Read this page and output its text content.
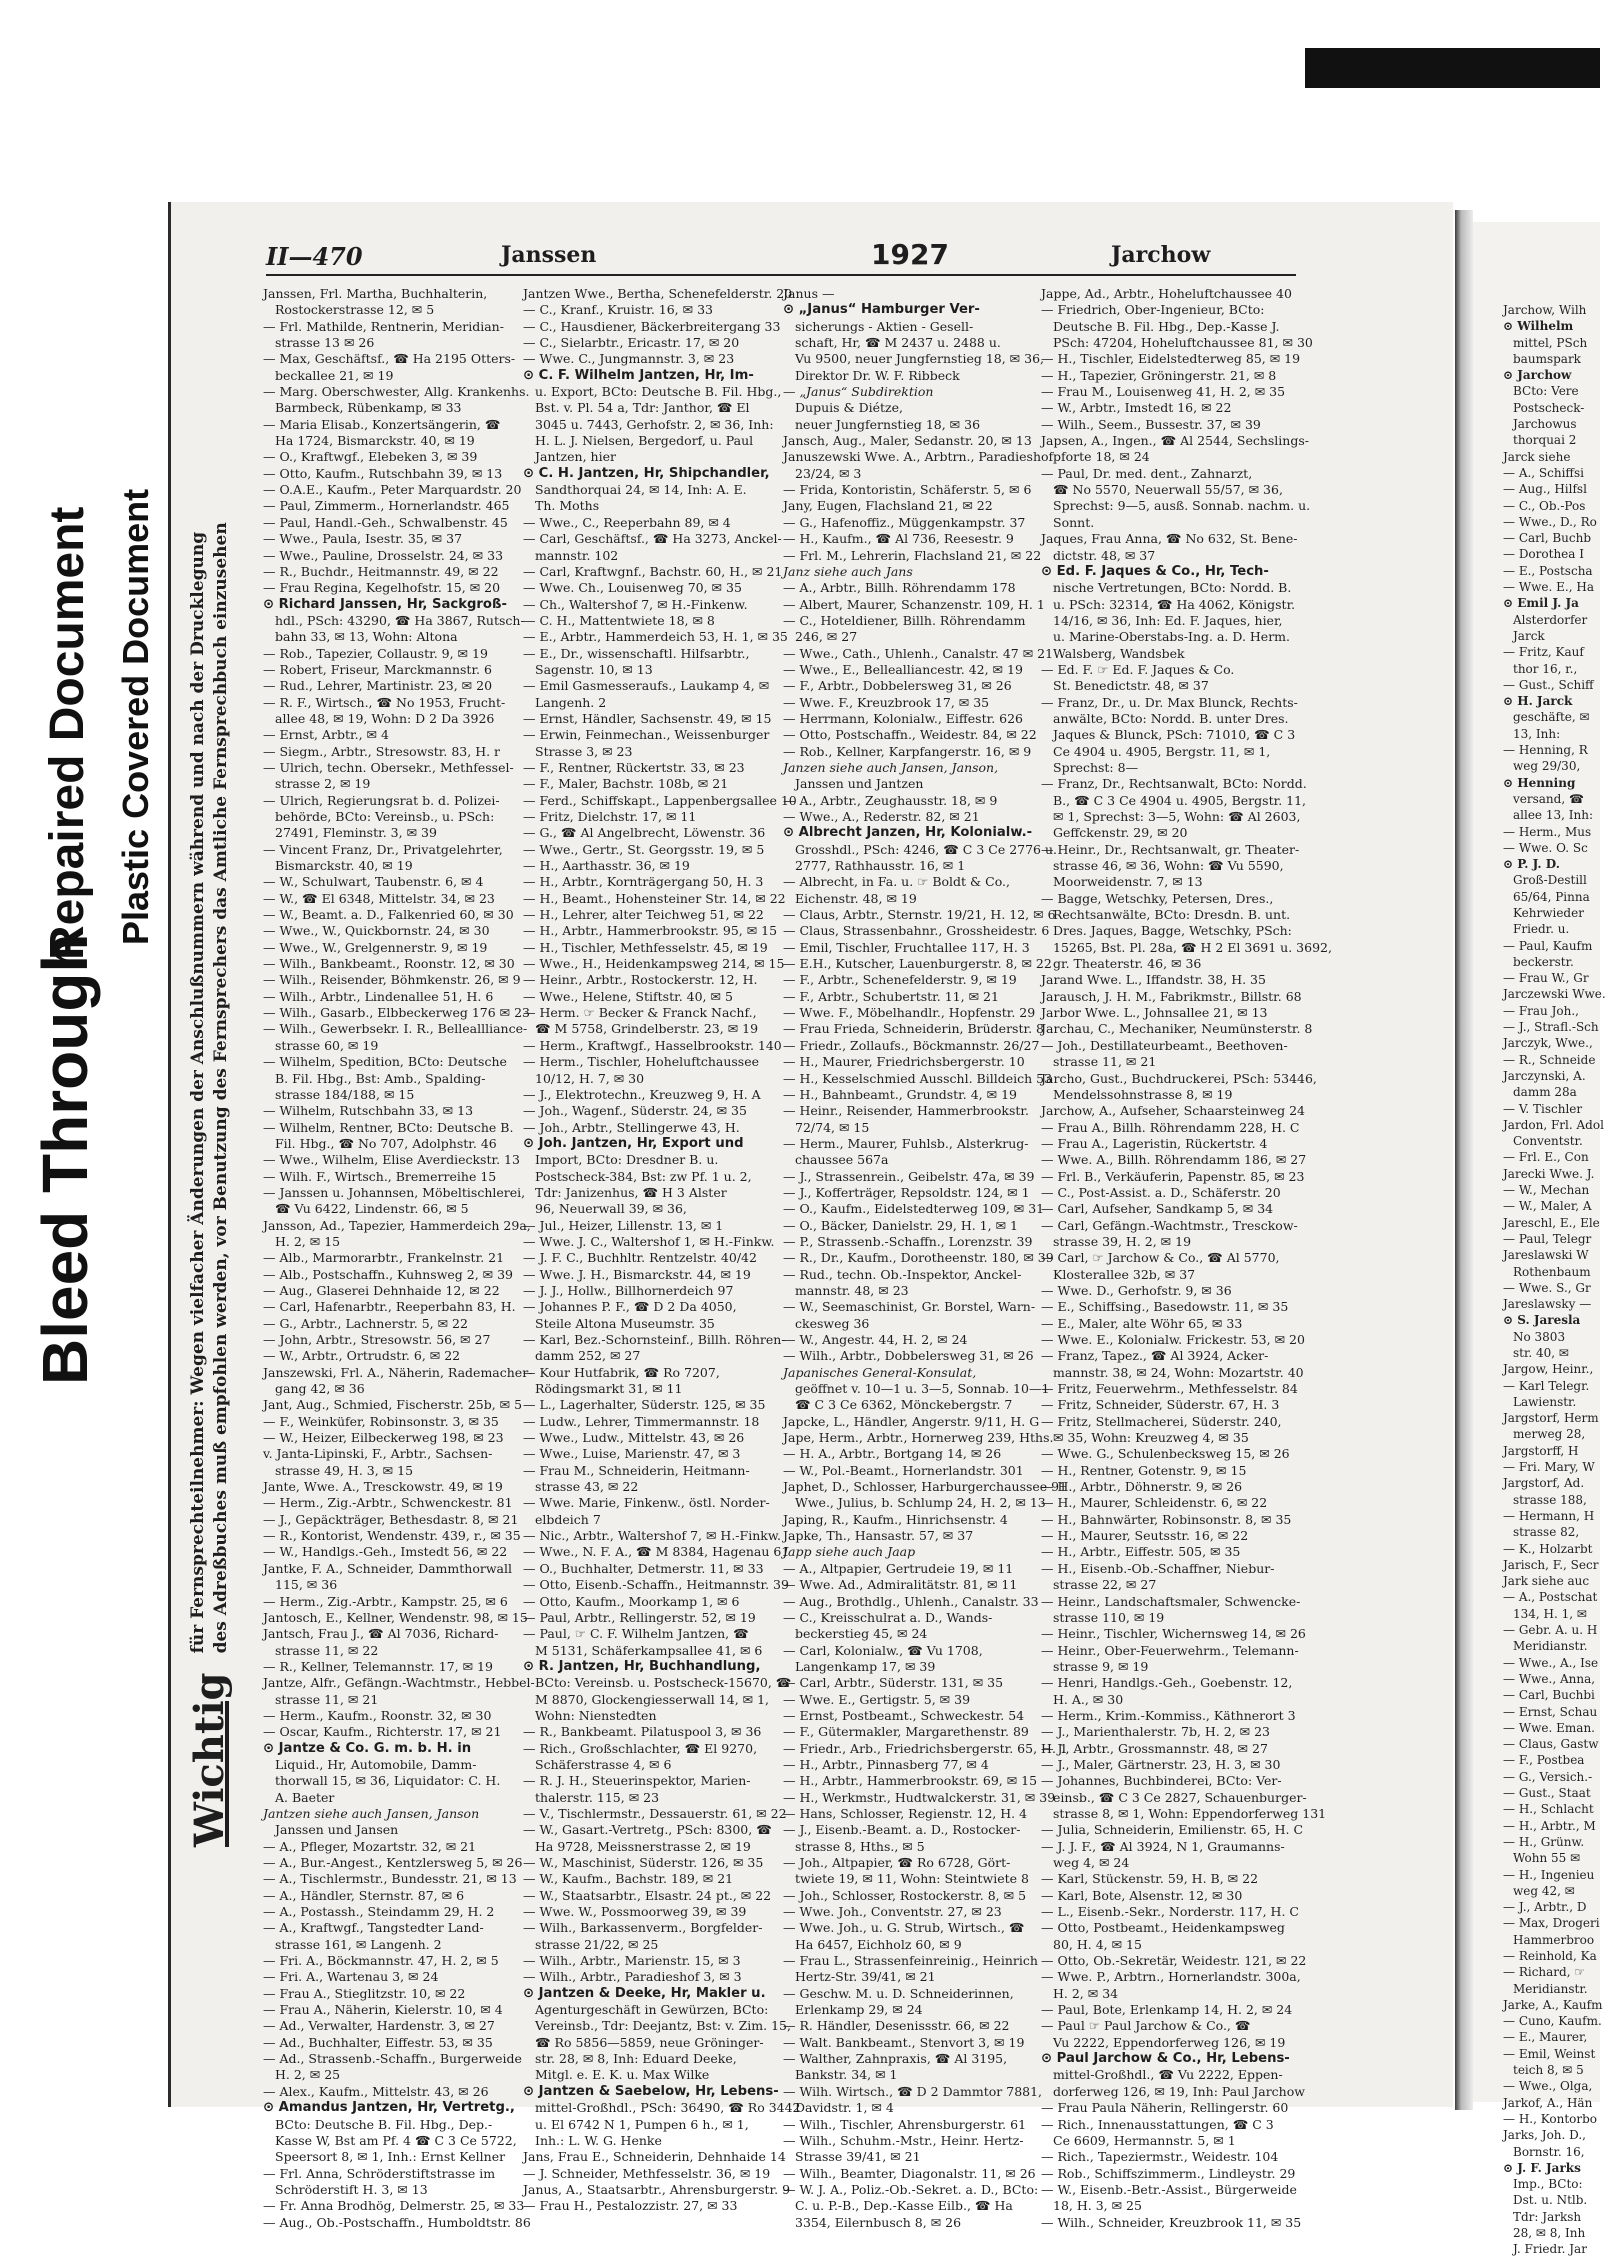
Bleed Through
Repaired Document Plastic Covered Document
Jarchow, Wilh
⊙ Wilhelm
mittel, PSch
baumspark
⊙ Jarchow
BCto: Vere
Postscheck-
Jarchowus
thorquai 2
Jarck siehe
— A., Schiffsi
— Aug., Hilfsl
— C., Ob.-Pos
— Wwe., D., Ro
— Carl, Buchb
— Dorothea I
— E., Postscha
— Wwe. E., Ha
⊙ Emil J. Ja
Alsterdorfer
Jarck
— Fritz, Kauf
thor 16, r.,
— Gust., Schiff
⊙ H. Jarck
geschäfte, ✉
13, Inh:
— Henning, R
weg 29/30,
⊙ Henning
versand, ☎
allee 13, Inh:
— Herm., Mus
— Wwe. O. Sc
⊙ P. J. D.
Groß-Destill
65/64, Pinna
Kehrwieder
Friedr. u.
— Paul, Kaufm
beckerstr.
— Frau W., Gr
Jarczewski Wwe.
— Frau Joh.,
— J., Strafl.-Sch
Jarczyk, Wwe.,
— R., Schneide
Jarczynski, A.
damm 28a
— V. Tischler
Jardon, Frl. Adol
Conventstr.
— Frl. E., Con
Jarecki Wwe. J.
— W., Mechan
— W., Maler, A
Jareschl, E., Ele
— Paul, Telegr
Jareslawski W
Rothenbaum
— Wwe. S., Gr
Jareslawsky —
⊙ S. Jaresla
No 3803
str. 40, ✉
Jargow, Heinr.,
— Karl Telegr.
Lawienstr.
Jargstorf, Herm
merweg 28,
Jargstorff, H
— Fri. Mary, W
Jargstorf, Ad.
strasse 188,
— Hermann, H
strasse 82,
— K., Holzarbt
Jarisch, F., Secr
Jark siehe auc
— A., Postschat
134, H. 1, ✉
— Gebr. A. u. H
Meridianstr.
— Wwe., A., Ise
— Wwe., Anna,
— Carl, Buchbi
— Ernst, Schau
— Wwe. Eman.
— Claus, Gastw
— F., Postbea
— G., Versich.-
— Gust., Staat
— H., Schlacht
— H., Arbtr., M
— H., Grünw.
Wohn 55 ✉
— H., Ingenieu
weg 42, ✉
— J., Arbtr., D
— Max, Drogeri
Hammerbroo
— Reinhold, Ka
— Richard, ☞
Meridianstr.
Jarke, A., Kaufm
— Cuno, Kaufm.
— E., Maurer,
— Emil, Weinst
teich 8, ✉ 5
— Wwe., Olga,
Jarkof, A., Hän
— H., Kontorbo
Jarks, Joh. D.,
Bornstr. 16,
⊙ J. F. Jarks
Imp., BCto:
Dst. u. Ntlb.
Tdr: Jarksh
28, ✉ 8, Inh
J. Friedr. Jar
II—470	Janssen	1927	Jarchow
Wichtig für Fernsprechteilnehmer: Wegen vielfacher Änderungen der Anschlußnummern während und nach der Drucklegung des Adreßbuches muß empfohlen werden, vor Benutzung des Fernsprechers das Amtliche Fernsprechbuch einzusehen
Janssen, Frl. Martha, Buchhalterin,
Rostockerstrasse 12, ✉ 5
— Frl. Mathilde, Rentnerin, Meridian-
strasse 13 ✉ 26
— Max, Geschäftsf., ☎ Ha 2195 Otters-
beckallee 21, ✉ 19
— Marg. Oberschwester, Allg. Krankenhs.
Barmbeck, Rübenkamp, ✉ 33
— Maria Elisab., Konzertsängerin, ☎
Ha 1724, Bismarckstr. 40, ✉ 19
— O., Kraftwgf., Elebeken 3, ✉ 39
— Otto, Kaufm., Rutschbahn 39, ✉ 13
— O.A.E., Kaufm., Peter Marquardstr. 20
— Paul, Zimmerm., Hornerlandstr. 465
— Paul, Handl.-Geh., Schwalbenstr. 45
— Wwe., Paula, Isestr. 35, ✉ 37
— Wwe., Pauline, Drosselstr. 24, ✉ 33
— R., Buchdr., Heitmannstr. 49, ✉ 22
— Frau Regina, Kegelhofstr. 15, ✉ 20
⊙ Richard Janssen, Hr, Sackgroß-
hdl., PSch: 43290, ☎ Ha 3867, Rutsch-
bahn 33, ✉ 13, Wohn: Altona
— Rob., Tapezier, Collaustr. 9, ✉ 19
— Robert, Friseur, Marckmannstr. 6
— Rud., Lehrer, Martinistr. 23, ✉ 20
— R. F., Wirtsch., ☎ No 1953, Frucht-
allee 48, ✉ 19, Wohn: D 2 Da 3926
— Ernst, Arbtr., ✉ 4
— Siegm., Arbtr., Stresowstr. 83, H. r
— Ulrich, techn. Obersekr., Methfessel-
strasse 2, ✉ 19
— Ulrich, Regierungsrat b. d. Polizei-
behörde, BCto: Vereinsb., u. PSch:
27491, Fleminstr. 3, ✉ 39
— Vincent Franz, Dr., Privatgelehrter,
Bismarckstr. 40, ✉ 19
— W., Schulwart, Taubenstr. 6, ✉ 4
— W., ☎ El 6348, Mittelstr. 34, ✉ 23
— W., Beamt. a. D., Falkenried 60, ✉ 30
— Wwe., W., Quickbornstr. 24, ✉ 30
— Wwe., W., Grelgennerstr. 9, ✉ 19
— Wilh., Bankbeamt., Roonstr. 12, ✉ 30
— Wilh., Reisender, Böhmkenstr. 26, ✉ 9
— Wilh., Arbtr., Lindenallee 51, H. 6
— Wilh., Gasarb., Elbbeckerweg 176 ✉ 23
— Wilh., Gewerbsekr. I. R., Belleallliance-
strasse 60, ✉ 19
— Wilhelm, Spedition, BCto: Deutsche
B. Fil. Hbg., Bst: Amb., Spalding-
strasse 184/188, ✉ 15
— Wilhelm, Rutschbahn 33, ✉ 13
— Wilhelm, Rentner, BCto: Deutsche B.
Fil. Hbg., ☎ No 707, Adolphstr. 46
— Wwe., Wilhelm, Elise Averdieckstr. 13
— Wilh. F., Wirtsch., Bremerreihe 15
— Janssen u. Johannsen, Möbeltischlerei,
☎ Vu 6422, Lindenstr. 66, ✉ 5
Jansson, Ad., Tapezier, Hammerdeich 29a,
H. 2, ✉ 15
— Alb., Marmorarbtr., Frankelnstr. 21
— Alb., Postschaffn., Kuhnsweg 2, ✉ 39
— Aug., Glaserei Dehnhaide 12, ✉ 22
— Carl, Hafenarbtr., Reeperbahn 83, H.
— G., Arbtr., Lachnerstr. 5, ✉ 22
— John, Arbtr., Stresowstr. 56, ✉ 27
— W., Arbtr., Ortrudstr. 6, ✉ 22
Janszewski, Frl. A., Näherin, Rademacher-
gang 42, ✉ 36
Jant, Aug., Schmied, Fischerstr. 25b, ✉ 5
— F., Weinküfer, Robinsonstr. 3, ✉ 35
— W., Heizer, Eilbeckerweg 198, ✉ 23
v. Janta-Lipinski, F., Arbtr., Sachsen-
strasse 49, H. 3, ✉ 15
Jante, Wwe. A., Tresckowstr. 49, ✉ 19
— Herm., Zig.-Arbtr., Schwenckestr. 81
— J., Gepäckträger, Bethesdastr. 8, ✉ 21
— R., Kontorist, Wendenstr. 439, r., ✉ 35
— W., Handlgs.-Geh., Imstedt 56, ✉ 22
Jantke, F. A., Schneider, Dammthorwall
115, ✉ 36
— Herm., Zig.-Arbtr., Kampstr. 25, ✉ 6
Jantosch, E., Kellner, Wendenstr. 98, ✉ 15
Jantsch, Frau J., ☎ Al 7036, Richard-
strasse 11, ✉ 22
— R., Kellner, Telemannstr. 17, ✉ 19
Jantze, Alfr., Gefängn.-Wachtmstr., Hebbel-
strasse 11, ✉ 21
— Herm., Kaufm., Roonstr. 32, ✉ 30
— Oscar, Kaufm., Richterstr. 17, ✉ 21
⊙ Jantze & Co. G. m. b. H. in
Liquid., Hr, Automobile, Damm-
thorwall 15, ✉ 36, Liquidator: C. H.
A. Baeter
Jantzen siehe auch Jansen, Janson
Janssen und Jansen
— A., Pfleger, Mozartstr. 32, ✉ 21
— A., Bur.-Angest., Kentzlersweg 5, ✉ 26
— A., Tischlermstr., Bundesstr. 21, ✉ 13
— A., Händler, Sternstr. 87, ✉ 6
— A., Postassh., Steindamm 29, H. 2
— A., Kraftwgf., Tangstedter Land-
strasse 161, ✉ Langenh. 2
— Fri. A., Böckmannstr. 47, H. 2, ✉ 5
— Fri. A., Wartenau 3, ✉ 24
— Frau A., Stieglitzstr. 10, ✉ 22
— Frau A., Näherin, Kielerstr. 10, ✉ 4
— Ad., Verwalter, Hardenstr. 3, ✉ 27
— Ad., Buchhalter, Eiffestr. 53, ✉ 35
— Ad., Strassenb.-Schaffn., Burgerweide
H. 2, ✉ 25
— Alex., Kaufm., Mittelstr. 43, ✉ 26
⊙ Amandus Jantzen, Hr, Vertretg.,
BCto: Deutsche B. Fil. Hbg., Dep.-
Kasse W, Bst am Pf. 4 ☎ C 3 Ce 5722,
Speersort 8, ✉ 1, Inh.: Ernst Kellner
— Frl. Anna, Schröderstiftstrasse im
Schröderstift H. 3, ✉ 13
— Fr. Anna Brodhög, Delmerstr. 25, ✉ 33
— Aug., Ob.-Postschaffn., Humboldtstr. 86
Jantzen Wwe., Bertha, Schenefelderstr. 20
— C., Kranf., Kruistr. 16, ✉ 33
— C., Hausdiener, Bäckerbreitergang 33
— C., Sielarbtr., Ericastr. 17, ✉ 20
— Wwe. C., Jungmannstr. 3, ✉ 23
⊙ C. F. Wilhelm Jantzen, Hr, Im-
u. Export, BCto: Deutsche B. Fil. Hbg.,
Bst. v. Pl. 54 a, Tdr: Janthor, ☎ El
3045 u. 7443, Gerhofstr. 2, ✉ 36, Inh:
H. L. J. Nielsen, Bergedorf, u. Paul
Jantzen, hier
⊙ C. H. Jantzen, Hr, Shipchandler,
Sandthorquai 24, ✉ 14, Inh: A. E.
Th. Moths
— Wwe., C., Reeperbahn 89, ✉ 4
— Carl, Geschäftsf., ☎ Ha 3273, Anckel-
mannstr. 102
— Carl, Kraftwgnf., Bachstr. 60, H., ✉ 21
— Wwe. Ch., Louisenweg 70, ✉ 35
— Ch., Waltershof 7, ✉ H.-Finkenw.
— C. H., Mattentwiete 18, ✉ 8
— E., Arbtr., Hammerdeich 53, H. 1, ✉ 35
— E., Dr., wissenschaftl. Hilfsarbtr.,
Sagenstr. 10, ✉ 13
— Emil Gasmesseraufs., Laukamp 4, ✉
Langenh. 2
— Ernst, Händler, Sachsenstr. 49, ✉ 15
— Erwin, Feinmechan., Weissenburger
Strasse 3, ✉ 23
— F., Rentner, Rückertstr. 33, ✉ 23
— F., Maler, Bachstr. 108b, ✉ 21
— Ferd., Schiffskapt., Lappenbergsallee 10
— Fritz, Dielchstr. 17, ✉ 11
— G., ☎ Al Angelbrecht, Löwenstr. 36
— Wwe., Gertr., St. Georgsstr. 19, ✉ 5
— H., Aarthasstr. 36, ✉ 19
— H., Arbtr., Kornträgergang 50, H. 3
— H., Beamt., Hohensteiner Str. 14, ✉ 22
— H., Lehrer, alter Teichweg 51, ✉ 22
— H., Arbtr., Hammerbrookstr. 95, ✉ 15
— H., Tischler, Methfesselstr. 45, ✉ 19
— Wwe., H., Heidenkampsweg 214, ✉ 15
— Heinr., Arbtr., Rostockerstr. 12, H.
— Wwe., Helene, Stiftstr. 40, ✉ 5
— Herm. ☞ Becker & Franck Nachf.,
☎ M 5758, Grindelberstr. 23, ✉ 19
— Herm., Kraftwgf., Hasselbrookstr. 140
— Herm., Tischler, Hoheluftchaussee
10/12, H. 7, ✉ 30
— J., Elektrotechn., Kreuzweg 9, H. A
— Joh., Wagenf., Süderstr. 24, ✉ 35
— Joh., Arbtr., Stellingerwe 43, H.
⊙ Joh. Jantzen, Hr, Export und
Import, BCto: Dresdner B. u.
Postscheck-384, Bst: zw Pf. 1 u. 2,
Tdr: Janizenhus, ☎ H 3 Alster
96, Neuerwall 39, ✉ 36,
— Jul., Heizer, Lillenstr. 13, ✉ 1
— Wwe. J. C., Waltershof 1, ✉ H.-Finkw.
— J. F. C., Buchhltr. Rentzelstr. 40/42
— Wwe. J. H., Bismarckstr. 44, ✉ 19
— J. J., Hollw., Billhornerdeich 97
— Johannes P. F., ☎ D 2 Da 4050,
Steile Altona Museumstr. 35
— Karl, Bez.-Schornsteinf., Billh. Röhren-
damm 252, ✉ 27
— Kour Hutfabrik, ☎ Ro 7207,
Rödingsmarkt 31, ✉ 11
— L., Lagerhalter, Süderstr. 125, ✉ 35
— Ludw., Lehrer, Timmermannstr. 18
— Wwe., Ludw., Mittelstr. 43, ✉ 26
— Wwe., Luise, Marienstr. 47, ✉ 3
— Frau M., Schneiderin, Heitmann-
strasse 43, ✉ 22
— Wwe. Marie, Finkenw., östl. Norder-
elbdeich 7
— Nic., Arbtr., Waltershof 7, ✉ H.-Finkw.
— Wwe., N. F. A., ☎ M 8384, Hagenau 61
— O., Buchhalter, Detmerstr. 11, ✉ 33
— Otto, Eisenb.-Schaffn., Heitmannstr. 39
— Otto, Kaufm., Moorkamp 1, ✉ 6
— Paul, Arbtr., Rellingerstr. 52, ✉ 19
— Paul, ☞ C. F. Wilhelm Jantzen, ☎
M 5131, Schäferkampsallee 41, ✉ 6
⊙ R. Jantzen, Hr, Buchhandlung,
BCto: Vereinsb. u. Postscheck-15670, ☎
M 8870, Glockengiesserwall 14, ✉ 1,
Wohn: Nienstedten
— R., Bankbeamt. Pilatuspool 3, ✉ 36
— Rich., Großschlachter, ☎ El 9270,
Schäferstrasse 4, ✉ 6
— R. J. H., Steuerinspektor, Marien-
thalerstr. 115, ✉ 23
— V., Tischlermstr., Dessauerstr. 61, ✉ 22
— W., Gasart.-Vertretg., PSch: 8300, ☎
Ha 9728, Meissnerstrasse 2, ✉ 19
— W., Maschinist, Süderstr. 126, ✉ 35
— W., Kaufm., Bachstr. 189, ✉ 21
— W., Staatsarbtr., Elsastr. 24 pt., ✉ 22
— Wwe. W., Possmoorweg 39, ✉ 39
— Wilh., Barkassenverm., Borgfelder-
strasse 21/22, ✉ 25
— Wilh., Arbtr., Marienstr. 15, ✉ 3
— Wilh., Arbtr., Paradieshof 3, ✉ 3
⊙ Jantzen & Deeke, Hr, Makler u.
Agenturgeschäft in Gewürzen, BCto:
Vereinsb., Tdr: Deejantz, Bst: v. Zim. 15,
☎ Ro 5856—5859, neue Gröninger-
str. 28, ✉ 8, Inh: Eduard Deeke,
Mitgl. e. E. K. u. Max Wilke
⊙ Jantzen & Saebelow, Hr, Lebens-
mittel-Großhdl., PSch: 36490, ☎ Ro 3442
u. El 6742 N 1, Pumpen 6 h., ✉ 1,
Inh.: L. W. G. Henke
Jans, Frau E., Schneiderin, Dehnhaide 14
— J. Schneider, Methfesselstr. 36, ✉ 19
Janus, A., Staatsarbtr., Ahrensburgerstr. 9
— Frau H., Pestalozzistr. 27, ✉ 33
Janus —
⊙ „Janus“ Hamburger Ver-
sicherungs - Aktien - Gesell-
schaft, Hr, ☎ M 2437 u. 2488 u.
Vu 9500, neuer Jungfernstieg 18, ✉ 36,
Direktor Dr. W. F. Ribbeck
— „Janus“ Subdirektion
Dupuis & Diétze,
neuer Jungfernstieg 18, ✉ 36
Jansch, Aug., Maler, Sedanstr. 20, ✉ 13
Januszewski Wwe. A., Arbtrn., Paradieshof
23/24, ✉ 3
— Frida, Kontoristin, Schäferstr. 5, ✉ 6
Jany, Eugen, Flachsland 21, ✉ 22
— G., Hafenoffiz., Müggenkampstr. 37
— H., Kaufm., ☎ Al 736, Reesestr. 9
— Frl. M., Lehrerin, Flachsland 21, ✉ 22
Janz siehe auch Jans
— A., Arbtr., Billh. Röhrendamm 178
— Albert, Maurer, Schanzenstr. 109, H. 1
— C., Hoteldiener, Billh. Röhrendamm
246, ✉ 27
— Wwe., Cath., Uhlenh., Canalstr. 47 ✉ 21
— Wwe., E., Bellealliancestr. 42, ✉ 19
— F., Arbtr., Dobbelersweg 31, ✉ 26
— Wwe. F., Kreuzbrook 17, ✉ 35
— Herrmann, Kolonialw., Eiffestr. 626
— Otto, Postschaffn., Weidestr. 84, ✉ 22
— Rob., Kellner, Karpfangerstr. 16, ✉ 9
Janzen siehe auch Jansen, Janson,
Janssen und Jantzen
— A., Arbtr., Zeughausstr. 18, ✉ 9
— Wwe., A., Rederstr. 82, ✉ 21
⊙ Albrecht Janzen, Hr, Kolonialw.-
Grosshdl., PSch: 4246, ☎ C 3 Ce 2776 u.
2777, Rathhausstr. 16, ✉ 1
— Albrecht, in Fa. u. ☞ Boldt & Co.,
Eichenstr. 48, ✉ 19
— Claus, Arbtr., Sternstr. 19/21, H. 12, ✉ 6
— Claus, Strassenbahnr., Grossheidestr. 6
— Emil, Tischler, Fruchtallee 117, H. 3
— E.H., Kutscher, Lauenburgerstr. 8, ✉ 22
— F., Arbtr., Schenefelderstr. 9, ✉ 19
— F., Arbtr., Schubertstr. 11, ✉ 21
— Wwe. F., Möbelhandlr., Hopfenstr. 29
— Frau Frieda, Schneiderin, Brüderstr. 8
— Friedr., Zollaufs., Böckmannstr. 26/27
— H., Maurer, Friedrichsbergerstr. 10
— H., Kesselschmied Ausschl. Billdeich 53
— H., Bahnbeamt., Grundstr. 4, ✉ 19
— Heinr., Reisender, Hammerbrookstr.
72/74, ✉ 15
— Herm., Maurer, Fuhlsb., Alsterkrug-
chaussee 567a
— J., Strassenrein., Geibelstr. 47a, ✉ 39
— J., Kofferträger, Repsoldstr. 124, ✉ 1
— O., Kaufm., Eidelstedterweg 109, ✉ 31
— O., Bäcker, Danielstr. 29, H. 1, ✉ 1
— P., Strassenb.-Schaffn., Lorenzstr. 39
— R., Dr., Kaufm., Dorotheenstr. 180, ✉ 39
— Rud., techn. Ob.-Inspektor, Anckel-
mannstr. 48, ✉ 23
— W., Seemaschinist, Gr. Borstel, Warn-
ckesweg 36
— W., Angestr. 44, H. 2, ✉ 24
— Wilh., Arbtr., Dobbelersweg 31, ✉ 26
Japanisches General-Konsulat,
geöffnet v. 10—1 u. 3—5, Sonnab. 10—1
☎ C 3 Ce 6362, Mönckebergstr. 7
Japcke, L., Händler, Angerstr. 9/11, H. G
Jape, Herm., Arbtr., Hornerweg 239, Hths.
— H. A., Arbtr., Bortgang 14, ✉ 26
— W., Pol.-Beamt., Hornerlandstr. 301
Japhet, D., Schlosser, Harburgerchaussee 91
Wwe., Julius, b. Schlump 24, H. 2, ✉ 13
Japing, R., Kaufm., Hinrichsenstr. 4
Japke, Th., Hansastr. 57, ✉ 37
Japp siehe auch Jaap
— A., Altpapier, Gertrudeie 19, ✉ 11
— Wwe. Ad., Admiralitätstr. 81, ✉ 11
— Aug., Brothdlg., Uhlenh., Canalstr. 33
— C., Kreisschulrat a. D., Wands-
beckerstieg 45, ✉ 24
— Carl, Kolonialw., ☎ Vu 1708,
Langenkamp 17, ✉ 39
— Carl, Arbtr., Süderstr. 131, ✉ 35
— Wwe. E., Gertigstr. 5, ✉ 39
— Ernst, Postbeamt., Schweckestr. 54
— F., Gütermakler, Margarethenstr. 89
— Friedr., Arb., Friedrichsbergerstr. 65, H. 1
— H., Arbtr., Pinnasberg 77, ✉ 4
— H., Arbtr., Hammerbrookstr. 69, ✉ 15
— H., Werkmstr., Hudtwalckerstr. 31, ✉ 39
— Hans, Schlosser, Regienstr. 12, H. 4
— J., Eisenb.-Beamt. a. D., Rostocker-
strasse 8, Hths., ✉ 5
— Joh., Altpapier, ☎ Ro 6728, Gört-
twiete 19, ✉ 11, Wohn: Steintwiete 8
— Joh., Schlosser, Rostockerstr. 8, ✉ 5
— Wwe. Joh., Conventstr. 27, ✉ 23
— Wwe. Joh., u. G. Strub, Wirtsch., ☎
Ha 6457, Eichholz 60, ✉ 9
— Frau L., Strassenfeinreinig., Heinrich
Hertz-Str. 39/41, ✉ 21
— Geschw. M. u. D. Schneiderinnen,
Erlenkamp 29, ✉ 24
— R. Händler, Desenissstr. 66, ✉ 22
— Walt. Bankbeamt., Stenvort 3, ✉ 19
— Walther, Zahnpraxis, ☎ Al 3195,
Bankstr. 34, ✉ 1
— Wilh. Wirtsch., ☎ D 2 Dammtor 7881,
Davidstr. 1, ✉ 4
— Wilh., Tischler, Ahrensburgerstr. 61
— Wilh., Schuhm.-Mstr., Heinr. Hertz-
Strasse 39/41, ✉ 21
— Wilh., Beamter, Diagonalstr. 11, ✉ 26
— W. J. A., Poliz.-Ob.-Sekret. a. D., BCto:
C. u. P.-B., Dep.-Kasse Eilb., ☎ Ha
3354, Eilernbusch 8, ✉ 26
Jappe, Ad., Arbtr., Hoheluftchaussee 40
— Friedrich, Ober-Ingenieur, BCto:
Deutsche B. Fil. Hbg., Dep.-Kasse J.
PSch: 47204, Hoheluftchaussee 81, ✉ 30
— H., Tischler, Eidelstedterweg 85, ✉ 19
— H., Tapezier, Gröningerstr. 21, ✉ 8
— Frau M., Louisenweg 41, H. 2, ✉ 35
— W., Arbtr., Imstedt 16, ✉ 22
— Wilh., Seem., Bussestr. 37, ✉ 39
Japsen, A., Ingen., ☎ Al 2544, Sechslings-
pforte 18, ✉ 24
— Paul, Dr. med. dent., Zahnarzt,
☎ No 5570, Neuerwall 55/57, ✉ 36,
Sprechst: 9—5, ausß. Sonnab. nachm. u.
Sonnt.
Jaques, Frau Anna, ☎ No 632, St. Bene-
dictstr. 48, ✉ 37
⊙ Ed. F. Jaques & Co., Hr, Tech-
nische Vertretungen, BCto: Nordd. B.
u. PSch: 32314, ☎ Ha 4062, Königstr.
14/16, ✉ 36, Inh: Ed. F. Jaques, hier,
u. Marine-Oberstabs-Ing. a. D. Herm.
Walsberg, Wandsbek
— Ed. F. ☞ Ed. F. Jaques & Co.
St. Benedictstr. 48, ✉ 37
— Franz, Dr., u. Dr. Max Blunck, Rechts-
anwälte, BCto: Nordd. B. unter Dres.
Jaques & Blunck, PSch: 71010, ☎ C 3
Ce 4904 u. 4905, Bergstr. 11, ✉ 1,
Sprechst: 8—
— Franz, Dr., Rechtsanwalt, BCto: Nordd.
B., ☎ C 3 Ce 4904 u. 4905, Bergstr. 11,
✉ 1, Sprechst: 3—5, Wohn: ☎ Al 2603,
Geffckenstr. 29, ✉ 20
— Heinr., Dr., Rechtsanwalt, gr. Theater-
strasse 46, ✉ 36, Wohn: ☎ Vu 5590,
Moorweidenstr. 7, ✉ 13
— Bagge, Wetschky, Petersen, Dres.,
Rechtsanwälte, BCto: Dresdn. B. unt.
Dres. Jaques, Bagge, Wetschky, PSch:
15265, Bst. Pl. 28a, ☎ H 2 El 3691 u. 3692,
gr. Theaterstr. 46, ✉ 36
Jarand Wwe. L., Iffandstr. 38, H. 35
Jarausch, J. H. M., Fabrikmstr., Billstr. 68
Jarbor Wwe. L., Johnsallee 21, ✉ 13
Jarchau, C., Mechaniker, Neumünsterstr. 8
— Joh., Destillateurbeamt., Beethoven-
strasse 11, ✉ 21
Jarcho, Gust., Buchdruckerei, PSch: 53446,
Mendelssohnstrasse 8, ✉ 19
Jarchow, A., Aufseher, Schaarsteinweg 24
— Frau A., Billh. Röhrendamm 228, H. C
— Frau A., Lageristin, Rückertstr. 4
— Wwe. A., Billh. Röhrendamm 186, ✉ 27
— Frl. B., Verkäuferin, Papenstr. 85, ✉ 23
— C., Post-Assist. a. D., Schäferstr. 20
— Carl, Aufseher, Sandkamp 5, ✉ 34
— Carl, Gefängn.-Wachtmstr., Tresckow-
strasse 39, H. 2, ✉ 19
— Carl, ☞ Jarchow & Co., ☎ Al 5770,
Klosterallee 32b, ✉ 37
— Wwe. D., Gerhofstr. 9, ✉ 36
— E., Schiffsing., Basedowstr. 11, ✉ 35
— E., Maler, alte Wöhr 65, ✉ 33
— Wwe. E., Kolonialw. Frickestr. 53, ✉ 20
— Franz, Tapez., ☎ Al 3924, Acker-
mannstr. 38, ✉ 24, Wohn: Mozartstr. 40
— Fritz, Feuerwehrm., Methfesselstr. 84
— Fritz, Schneider, Süderstr. 67, H. 3
— Fritz, Stellmacherei, Süderstr. 240,
✉ 35, Wohn: Kreuzweg 4, ✉ 35
— Wwe. G., Schulenbecksweg 15, ✉ 26
— H., Rentner, Gotenstr. 9, ✉ 15
— H., Arbtr., Döhnerstr. 9, ✉ 26
— H., Maurer, Schleidenstr. 6, ✉ 22
— H., Bahnwärter, Robinsonstr. 8, ✉ 35
— H., Maurer, Seutsstr. 16, ✉ 22
— H., Arbtr., Eiffestr. 505, ✉ 35
— H., Eisenb.-Ob.-Schaffner, Niebur-
strasse 22, ✉ 27
— Heinr., Landschaftsmaler, Schwencke-
strasse 110, ✉ 19
— Heinr., Tischler, Wichernsweg 14, ✉ 26
— Heinr., Ober-Feuerwehrm., Telemann-
strasse 9, ✉ 19
— Henri, Handlgs.-Geh., Goebenstr. 12,
H. A., ✉ 30
— Herm., Krim.-Kommiss., Käthnerort 3
— J., Marienthalerstr. 7b, H. 2, ✉ 23
— J., Arbtr., Grossmannstr. 48, ✉ 27
— J., Maler, Gärtnerstr. 23, H. 3, ✉ 30
— Johannes, Buchbinderei, BCto: Ver-
einsb., ☎ C 3 Ce 2827, Schauenburger-
strasse 8, ✉ 1, Wohn: Eppendorferweg 131
— Julia, Schneiderin, Emilienstr. 65, H. C
— J. J. F., ☎ Al 3924, N 1, Graumanns-
weg 4, ✉ 24
— Karl, Stückenstr. 59, H. B, ✉ 22
— Karl, Bote, Alsenstr. 12, ✉ 30
— L., Eisenb.-Sekr., Norderstr. 117, H. C
— Otto, Postbeamt., Heidenkampsweg
80, H. 4, ✉ 15
— Otto, Ob.-Sekretär, Weidestr. 121, ✉ 22
— Wwe. P., Arbtrn., Hornerlandstr. 300a,
H. 2, ✉ 34
— Paul, Bote, Erlenkamp 14, H. 2, ✉ 24
— Paul ☞ Paul Jarchow & Co., ☎
Vu 2222, Eppendorferweg 126, ✉ 19
⊙ Paul Jarchow & Co., Hr, Lebens-
mittel-Großhdl., ☎ Vu 2222, Eppen-
dorferweg 126, ✉ 19, Inh: Paul Jarchow
— Frau Paula Näherin, Rellingerstr. 60
— Rich., Innenausstattungen, ☎ C 3
Ce 6609, Hermannstr. 5, ✉ 1
— Rich., Tapeziermstr., Weidestr. 104
— Rob., Schiffszimmerm., Lindleystr. 29
— W., Eisenb.-Betr.-Assist., Bürgerweide
18, H. 3, ✉ 25
— Wilh., Schneider, Kreuzbrook 11, ✉ 35
